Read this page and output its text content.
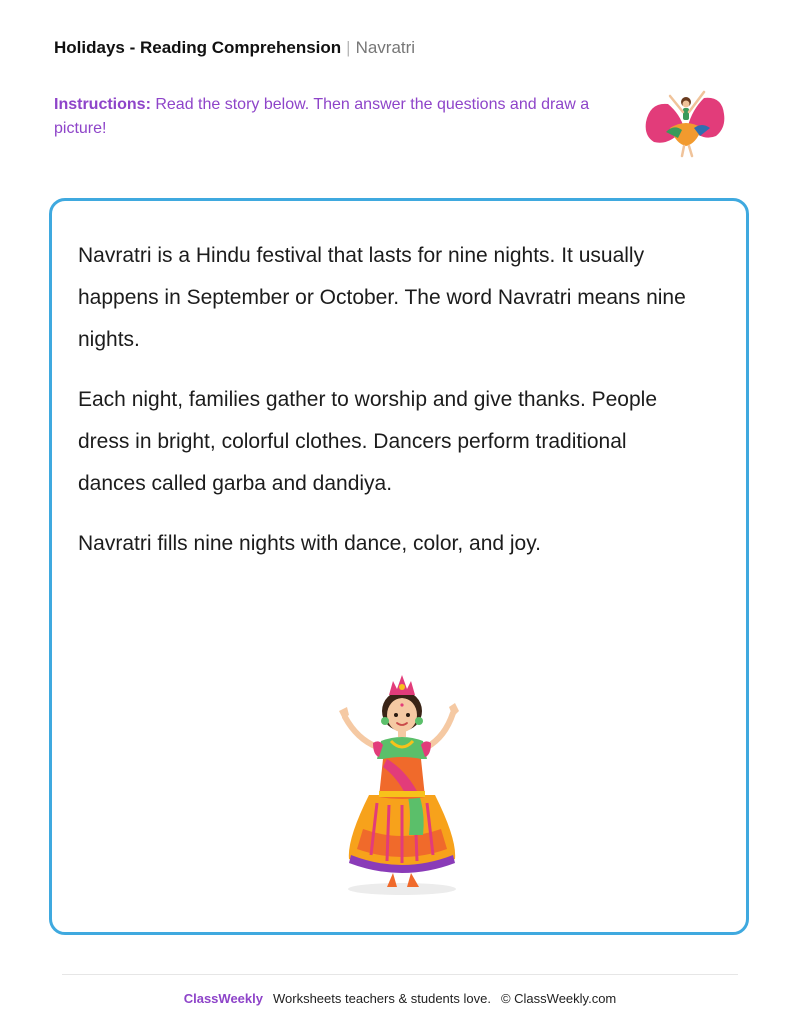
Holidays - Reading Comprehension | Navratri
Instructions: Read the story below. Then answer the questions and draw a picture!

Navratri is a Hindu festival that lasts for nine nights. It usually happens in September or October. The word Navratri means nine nights.

Each night, families gather to worship and give thanks. People dress in bright, colorful clothes. Dancers perform traditional dances called garba and dandiya.

Navratri fills nine nights with dance, color, and joy.

ClassWeekly Worksheets teachers & students love. © ClassWeekly.com
